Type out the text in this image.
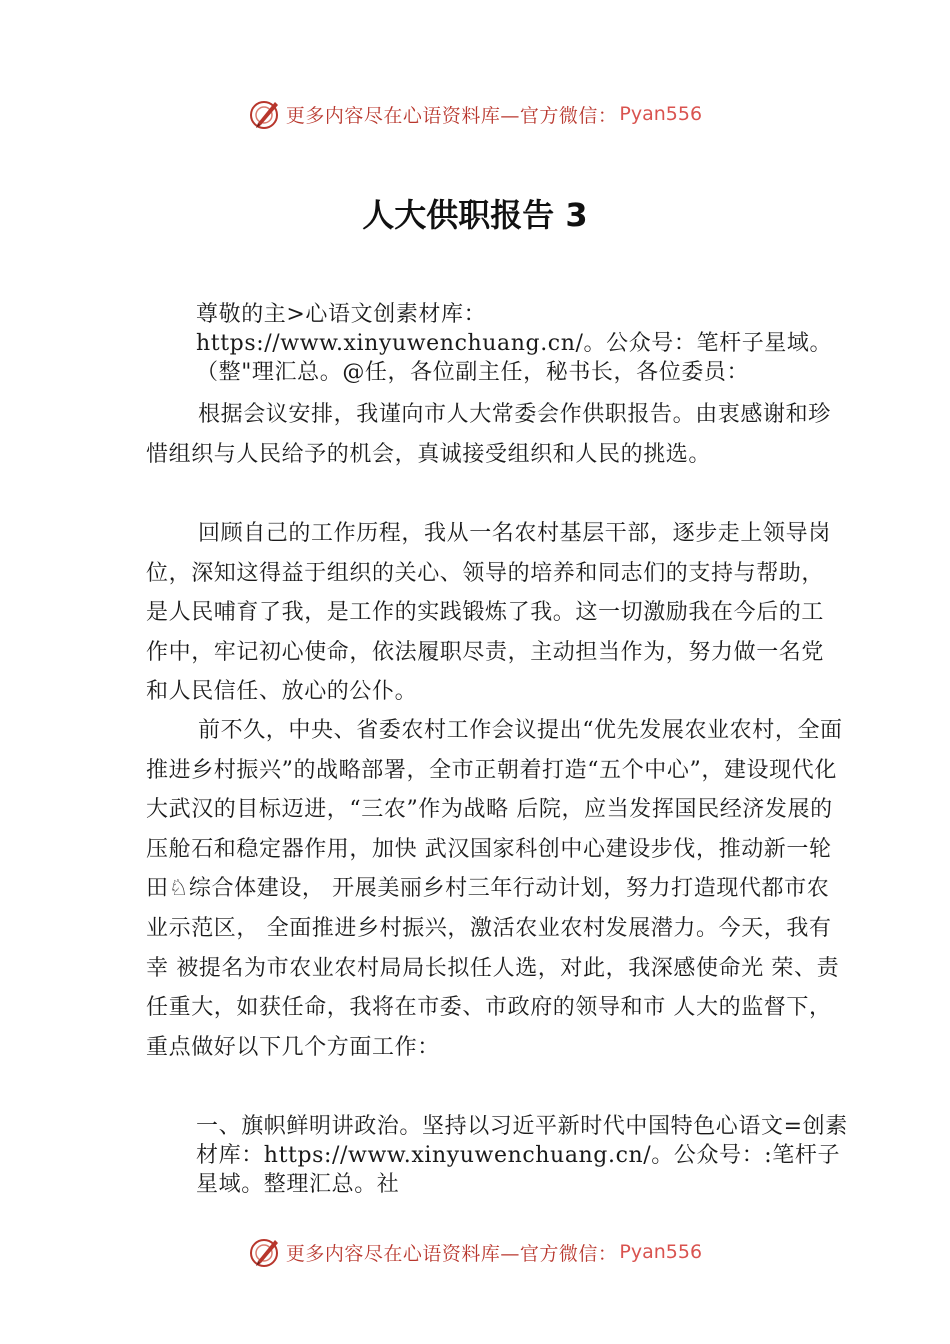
更多内容尽在心语资料库—官方微信： Pyan556
人大供职报告 3

尊敬的主>心语文创素材库：https://www.xinyuwenchuang.cn/。公众号：笔杆子星域。（整"理汇总。@任，各位副主任，秘书长，各位委员：

根据会议安排，我谨向市人大常委会作供职报告。由衷感谢和珍惜组织与人民给予的机会，真诚接受组织和人民的挑选。

回顾自己的工作历程，我从一名农村基层干部，逐步走上领导岗位，深知这得益于组织的关心、领导的培养和同志们的支持与帮助，是人民哺育了我，是工作的实践锻炼了我。这一切激励我在今后的工作中，牢记初心使命，依法履职尽责，主动担当作为，努力做一名党和人民信任、放心的公仆。

前不久，中央、省委农村工作会议提出“优先发展农业农村，全面推进乡村振兴”的战略部署，全市正朝着打造“五个中心”，建设现代化大武汉的目标迈进，“三农”作为战略 后院，应当发挥国民经济发展的压舱石和稳定器作用，加快 武汉国家科创中心建设步伐，推动新一轮田♘综合体建设， 开展美丽乡村三年行动计划，努力打造现代都市农业示范区， 全面推进乡村振兴，激活农业农村发展潜力。今天，我有幸 被提名为市农业农村局局长拟任人选，对此，我深感使命光 荣、责任重大，如获任命，我将在市委、市政府的领导和市 人大的监督下，重点做好以下几个方面工作：

一、旗帜鲜明讲政治。坚持以习近平新时代中国特色心语文=创素材库：https://www.xinyuwenchuang.cn/。公众号：:笔杆子星域。整理汇总。社

更多内容尽在心语资料库—官方微信： Pyan556
